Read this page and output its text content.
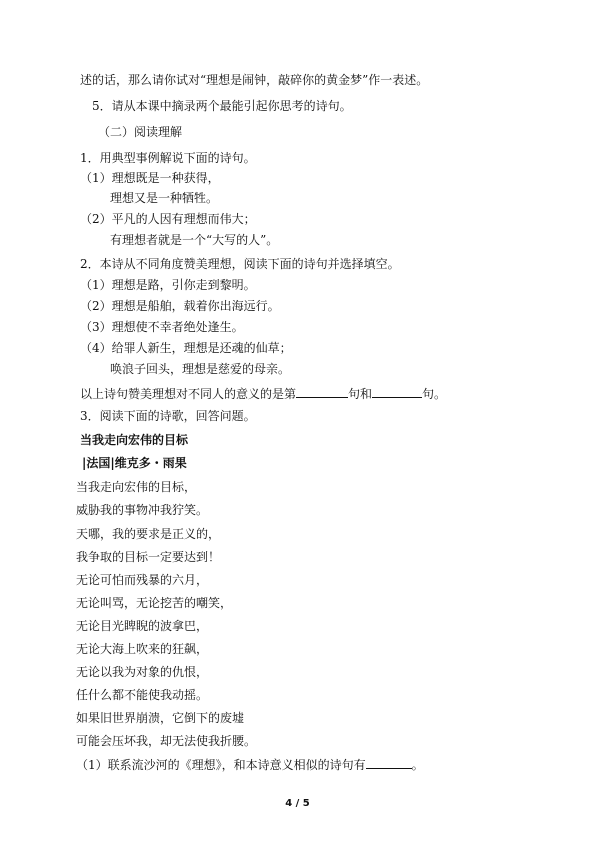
述的话，那么请你试对“理想是闹钟，敲碎你的黄金梦”作一表述。
5．请从本课中摘录两个最能引起你思考的诗句。
（二）阅读理解
1．用典型事例解说下面的诗句。
（1）理想既是一种获得，
理想又是一种牺牲。
（2）平凡的人因有理想而伟大；
有理想者就是一个“大写的人”。
2．本诗从不同角度赞美理想，阅读下面的诗句并选择填空。
（1）理想是路，引你走到黎明。
（2）理想是船舶，载着你出海远行。
（3）理想使不幸者绝处逢生。
（4）给罪人新生，理想是还魂的仙草；
唤浪子回头，理想是慈爱的母亲。
以上诗句赞美理想对不同人的意义的是第	句和	句。
3．阅读下面的诗歌，回答问题。
当我走向宏伟的目标
|法国|维克多・雨果
当我走向宏伟的目标，
威胁我的事物冲我狞笑。
天哪，我的要求是正义的，
我争取的目标一定要达到！
无论可怕而残暴的六月，
无论叫骂，无论挖苦的嘲笑，
无论目光睥睨的波拿巴，
无论大海上吹来的狂飙，
无论以我为对象的仇恨，
任什么都不能使我动摇。
如果旧世界崩溃，它倒下的废墟
可能会压坏我，却无法使我折腰。
（1）联系流沙河的《理想》，和本诗意义相似的诗句有	。
4 / 5
